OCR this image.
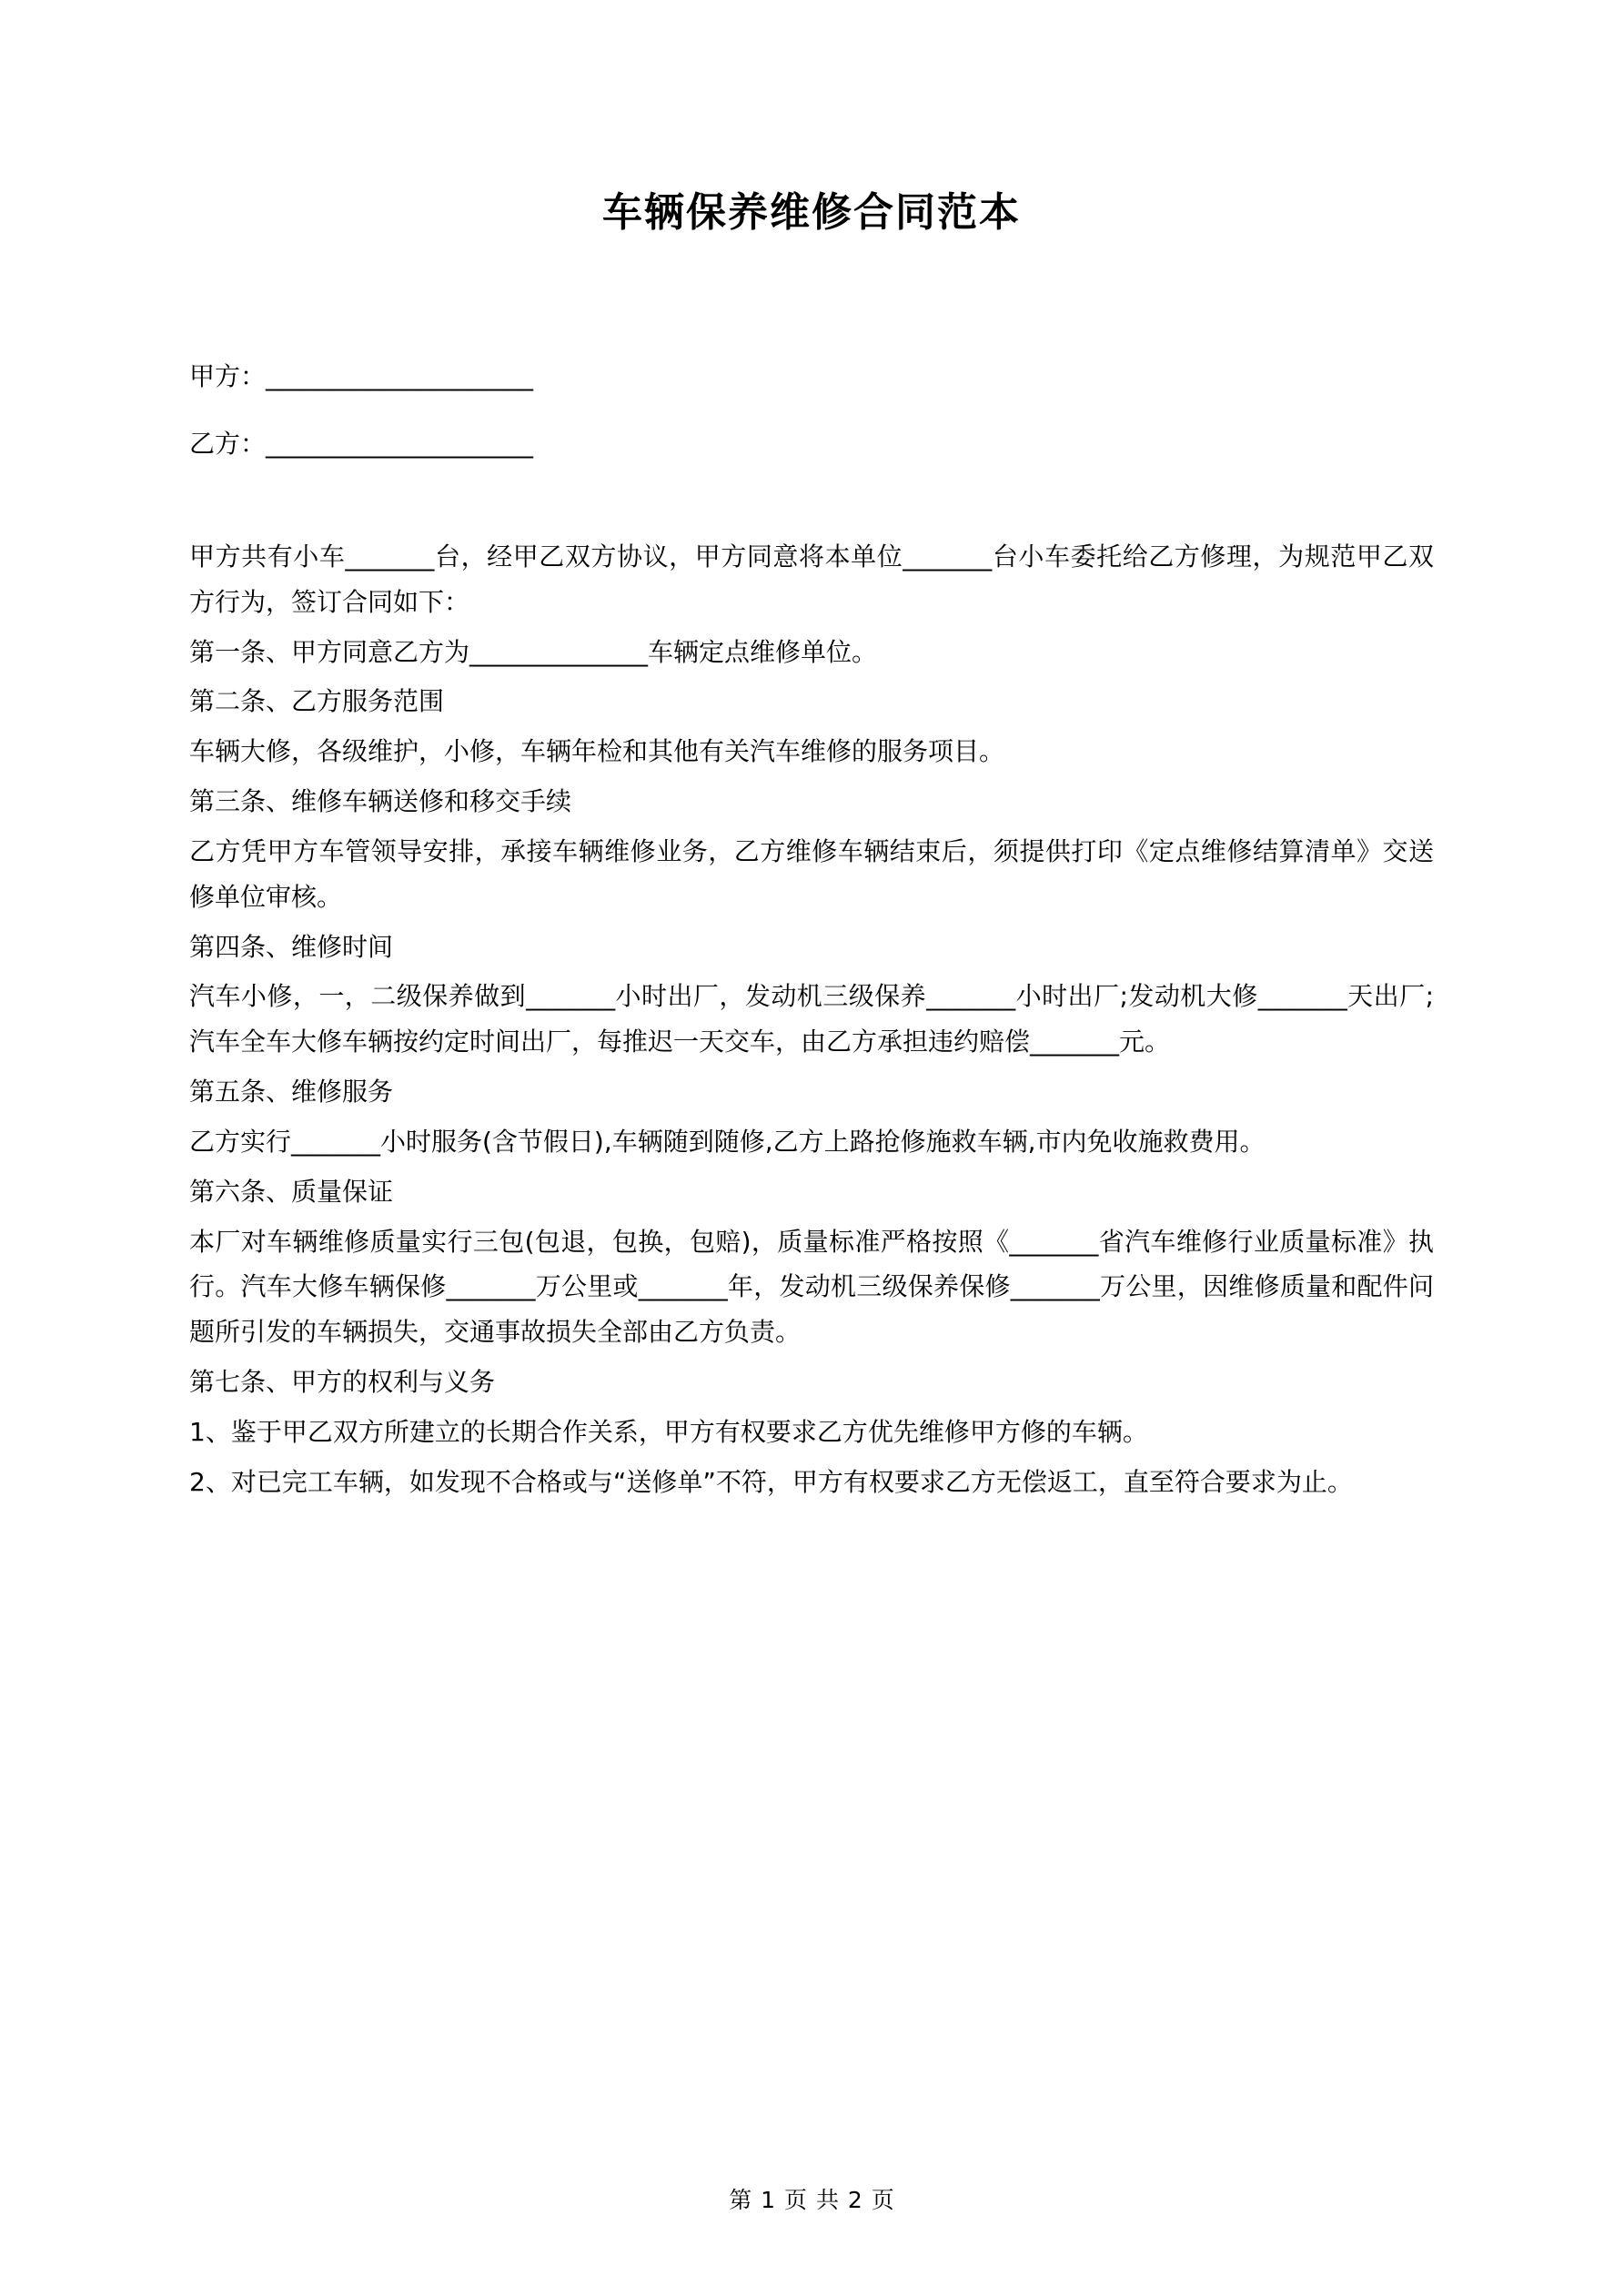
车辆保养维修合同范本
甲方：_____________________
乙方：_____________________

甲方共有小车_______台，经甲乙双方协议，甲方同意将本单位_______台小车委托给乙方修理，为规范甲乙双方行为，签订合同如下：

第一条、甲方同意乙方为______________车辆定点维修单位。

第二条、乙方服务范围

车辆大修，各级维护，小修，车辆年检和其他有关汽车维修的服务项目。

第三条、维修车辆送修和移交手续

乙方凭甲方车管领导安排，承接车辆维修业务，乙方维修车辆结束后，须提供打印《定点维修结算清单》交送修单位审核。

第四条、维修时间

汽车小修，一，二级保养做到_______小时出厂，发动机三级保养_______小时出厂;发动机大修_______天出厂;汽车全车大修车辆按约定时间出厂，每推迟一天交车，由乙方承担违约赔偿_______元。

第五条、维修服务

乙方实行_______小时服务(含节假日),车辆随到随修,乙方上路抢修施救车辆,市内免收施救费用。

第六条、质量保证

本厂对车辆维修质量实行三包(包退，包换，包赔)，质量标准严格按照《_______省汽车维修行业质量标准》执行。汽车大修车辆保修_______万公里或_______年，发动机三级保养保修_______万公里，因维修质量和配件问题所引发的车辆损失，交通事故损失全部由乙方负责。

第七条、甲方的权利与义务

1、鉴于甲乙双方所建立的长期合作关系，甲方有权要求乙方优先维修甲方修的车辆。

2、对已完工车辆，如发现不合格或与“送修单”不符，甲方有权要求乙方无偿返工，直至符合要求为止。

第 1 页 共 2 页
